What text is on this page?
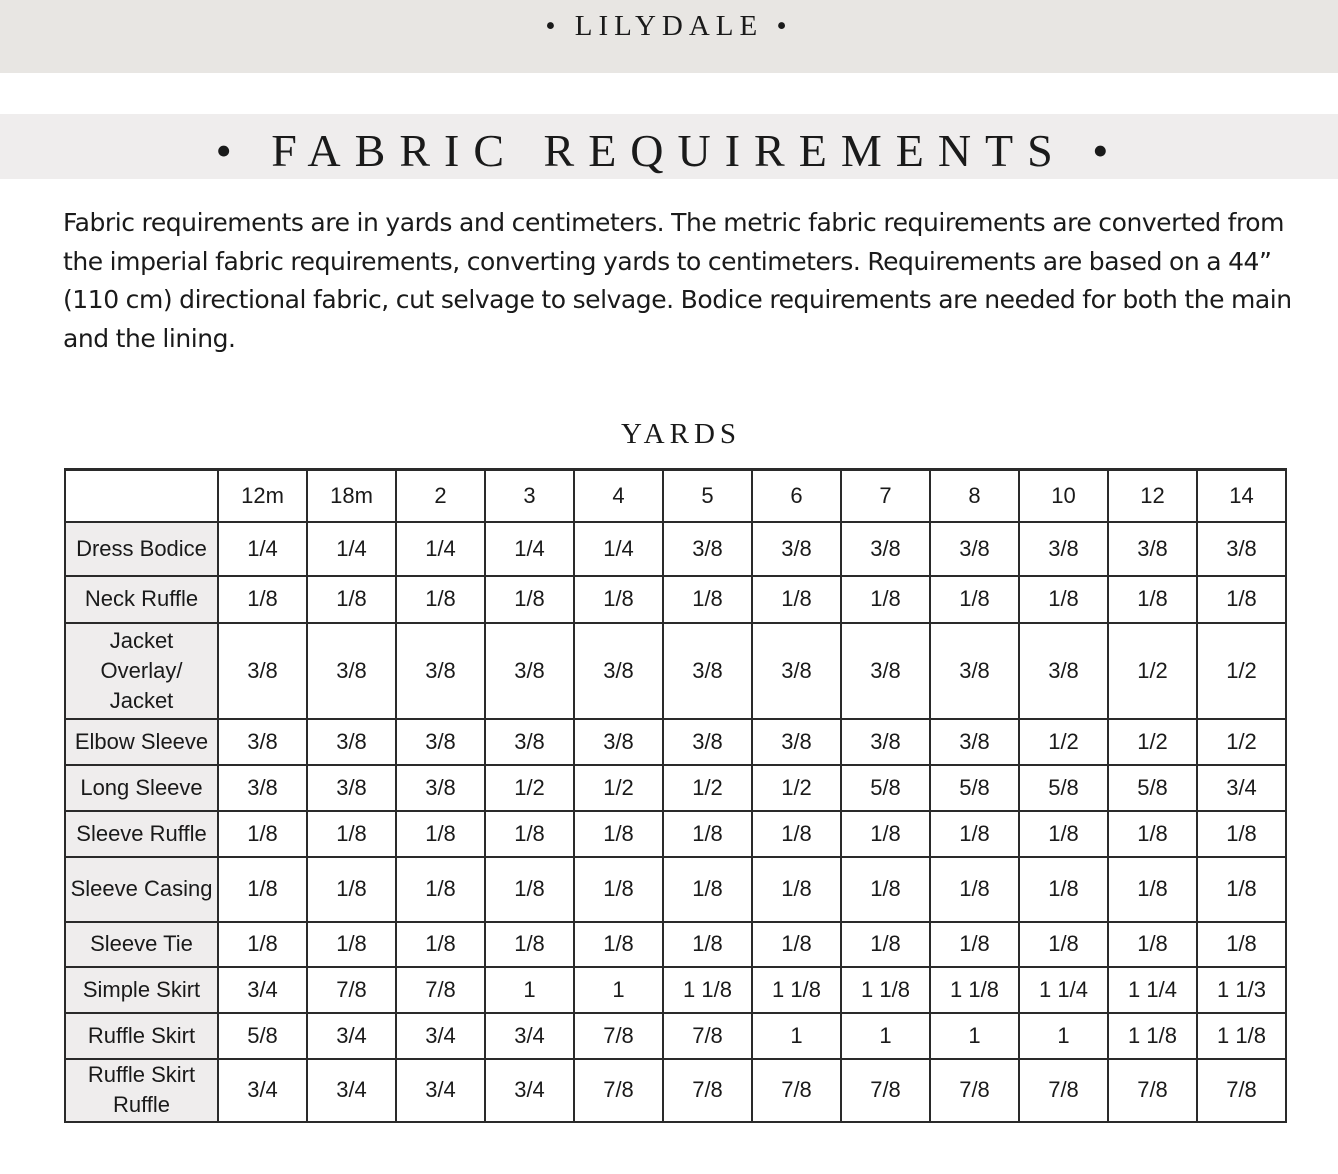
• LILYDALE •
• FABRIC REQUIREMENTS •

Fabric requirements are in yards and centimeters. The metric fabric requirements are converted from the imperial fabric requirements, converting yards to centimeters. Requirements are based on a 44” (110 cm) directional fabric, cut selvage to selvage. Bodice requirements are needed for both the main and the lining.

YARDS
	12m	18m	2	3	4	5	6	7	8	10	12	14
Dress Bodice	1/4	1/4	1/4	1/4	1/4	3/8	3/8	3/8	3/8	3/8	3/8	3/8
Neck Ruffle	1/8	1/8	1/8	1/8	1/8	1/8	1/8	1/8	1/8	1/8	1/8	1/8
Jacket Overlay/ Jacket	3/8	3/8	3/8	3/8	3/8	3/8	3/8	3/8	3/8	3/8	1/2	1/2
Elbow Sleeve	3/8	3/8	3/8	3/8	3/8	3/8	3/8	3/8	3/8	1/2	1/2	1/2
Long Sleeve	3/8	3/8	3/8	1/2	1/2	1/2	1/2	5/8	5/8	5/8	5/8	3/4
Sleeve Ruffle	1/8	1/8	1/8	1/8	1/8	1/8	1/8	1/8	1/8	1/8	1/8	1/8
Sleeve Casing	1/8	1/8	1/8	1/8	1/8	1/8	1/8	1/8	1/8	1/8	1/8	1/8
Sleeve Tie	1/8	1/8	1/8	1/8	1/8	1/8	1/8	1/8	1/8	1/8	1/8	1/8
Simple Skirt	3/4	7/8	7/8	1	1	1 1/8	1 1/8	1 1/8	1 1/8	1 1/4	1 1/4	1 1/3
Ruffle Skirt	5/8	3/4	3/4	3/4	7/8	7/8	1	1	1	1	1 1/8	1 1/8
Ruffle Skirt Ruffle	3/4	3/4	3/4	3/4	7/8	7/8	7/8	7/8	7/8	7/8	7/8	7/8
